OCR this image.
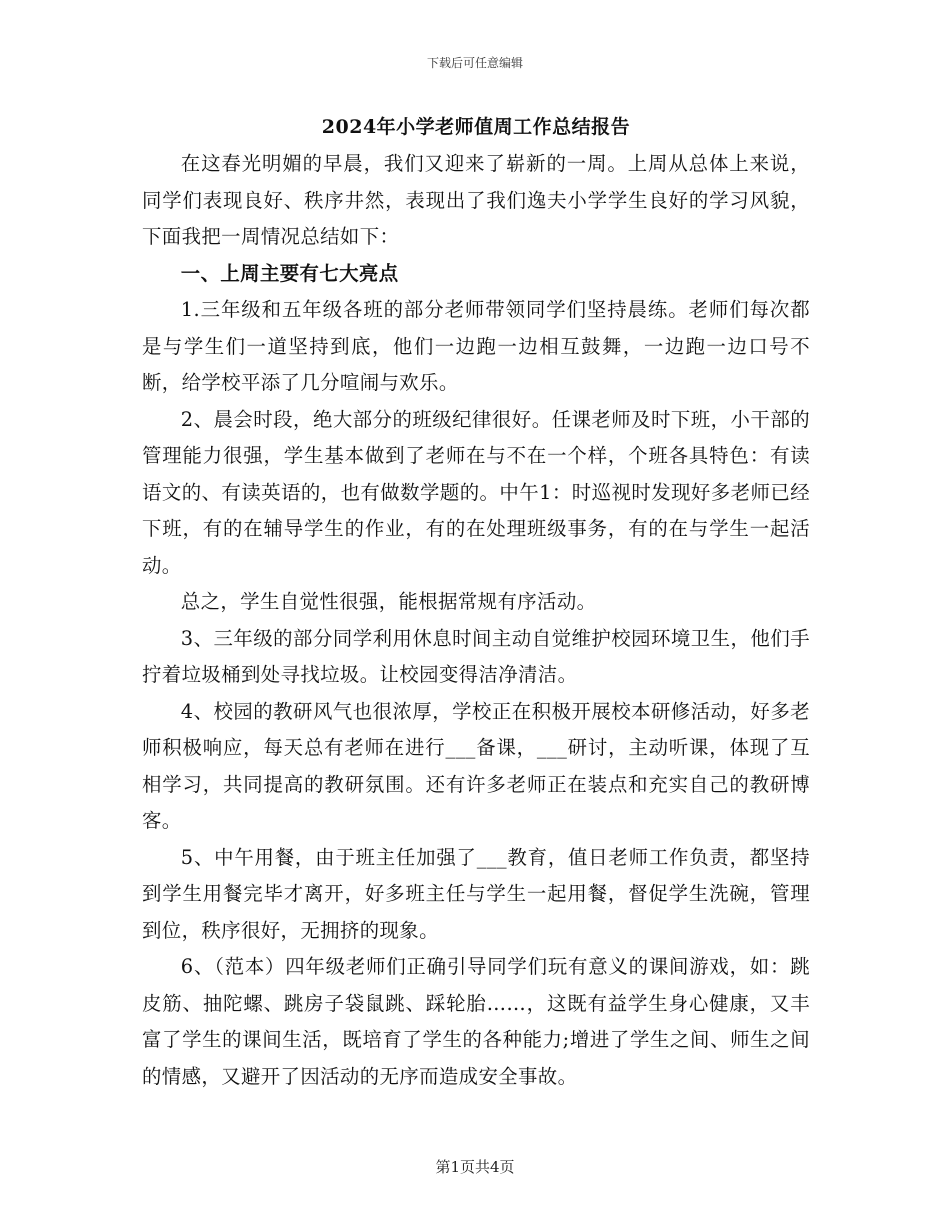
下载后可任意编辑
2024年小学老师值周工作总结报告

在这春光明媚的早晨，我们又迎来了崭新的一周。上周从总体上来说，同学们表现良好、秩序井然，表现出了我们逸夫小学学生良好的学习风貌，下面我把一周情况总结如下：

一、上周主要有七大亮点

1.三年级和五年级各班的部分老师带领同学们坚持晨练。老师们每次都是与学生们一道坚持到底，他们一边跑一边相互鼓舞，一边跑一边口号不断，给学校平添了几分喧闹与欢乐。

2、晨会时段，绝大部分的班级纪律很好。任课老师及时下班，小干部的管理能力很强，学生基本做到了老师在与不在一个样，个班各具特色：有读语文的、有读英语的，也有做数学题的。中午1：时巡视时发现好多老师已经下班，有的在辅导学生的作业，有的在处理班级事务，有的在与学生一起活动。

总之，学生自觉性很强，能根据常规有序活动。

3、三年级的部分同学利用休息时间主动自觉维护校园环境卫生，他们手拧着垃圾桶到处寻找垃圾。让校园变得洁净清洁。

4、校园的教研风气也很浓厚，学校正在积极开展校本研修活动，好多老师积极响应，每天总有老师在进行___备课，___研讨，主动听课，体现了互相学习，共同提高的教研氛围。还有许多老师正在装点和充实自己的教研博客。

5、中午用餐，由于班主任加强了___教育，值日老师工作负责，都坚持到学生用餐完毕才离开，好多班主任与学生一起用餐，督促学生洗碗，管理到位，秩序很好，无拥挤的现象。

6、（范本）四年级老师们正确引导同学们玩有意义的课间游戏，如：跳皮筋、抽陀螺、跳房子袋鼠跳、踩轮胎……，这既有益学生身心健康，又丰富了学生的课间生活，既培育了学生的各种能力;增进了学生之间、师生之间的情感，又避开了因活动的无序而造成安全事故。

第1页共4页
